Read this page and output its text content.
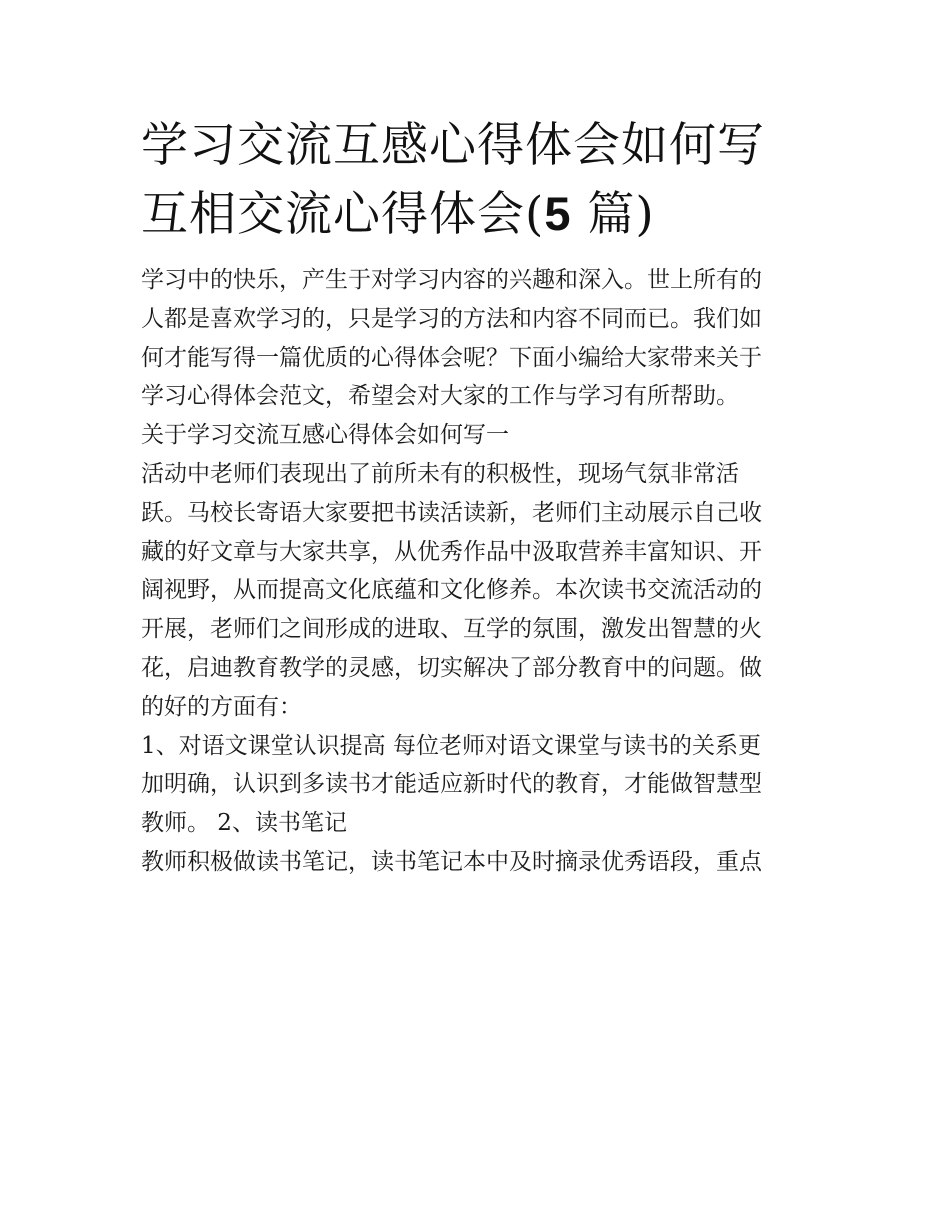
学习交流互感心得体会如何写
互相交流心得体会(5 篇)

学习中的快乐，产生于对学习内容的兴趣和深入。世上所有的
人都是喜欢学习的，只是学习的方法和内容不同而已。我们如
何才能写得一篇优质的心得体会呢？下面小编给大家带来关于
学习心得体会范文，希望会对大家的工作与学习有所帮助。

关于学习交流互感心得体会如何写一

活动中老师们表现出了前所未有的积极性，现场气氛非常活
跃。马校长寄语大家要把书读活读新，老师们主动展示自己收
藏的好文章与大家共享，从优秀作品中汲取营养丰富知识、开
阔视野，从而提高文化底蕴和文化修养。本次读书交流活动的
开展，老师们之间形成的进取、互学的氛围，激发出智慧的火
花，启迪教育教学的灵感，切实解决了部分教育中的问题。做
的好的方面有：

1、对语文课堂认识提高 每位老师对语文课堂与读书的关系更
加明确，认识到多读书才能适应新时代的教育，才能做智慧型
教师。 2、读书笔记

教师积极做读书笔记，读书笔记本中及时摘录优秀语段，重点
